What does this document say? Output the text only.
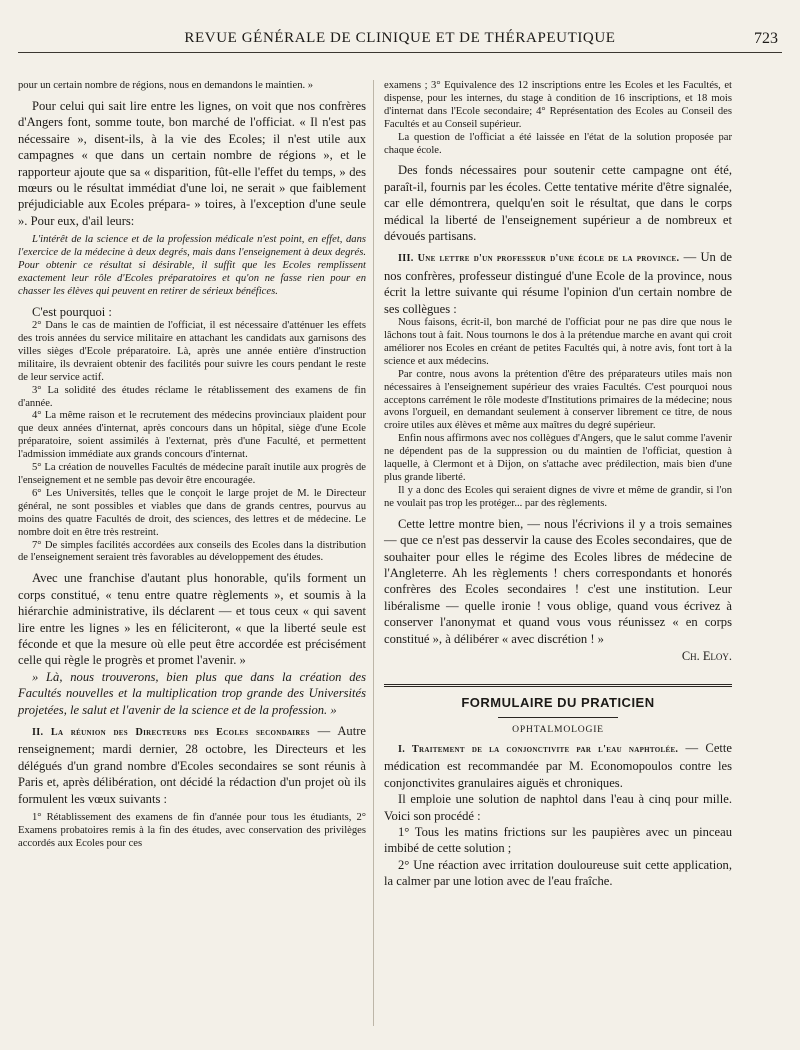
REVUE GÉNÉRALE DE CLINIQUE ET DE THÉRAPEUTIQUE	723

pour un certain nombre de régions, nous en demandons le maintien. »

Pour celui qui sait lire entre les lignes, on voit que nos confrères d'Angers font, somme toute, bon marché de l'officiat. « Il n'est pas nécessaire », disent-ils, à la vie des Ecoles; il n'est utile aux campagnes « que dans un certain nombre de régions », et le rapporteur ajoute que sa « disparition, fût-elle l'effet du temps, » des mœurs ou le résultat immédiat d'une loi, ne serait » que faiblement préjudiciable aux Ecoles prépara- » toires, à l'exception d'une seule ». Pour eux, d'ail leurs:

L'intérêt de la science et de la profession médicale n'est point, en effet, dans l'exercice de la médecine à deux degrés, mais dans l'enseignement à deux degrés. Pour obtenir ce résultat si désirable, il suffit que les Ecoles remplissent exactement leur rôle d'Ecoles préparatoires et qu'on ne fasse rien pour en chasser les élèves qui peuvent en retirer de sérieux bénéfices.

C'est pourquoi :

2° Dans le cas de maintien de l'officiat, il est nécessaire d'atténuer les effets des trois années du service militaire en attachant les candidats aux garnisons des villes sièges d'Ecole préparatoire. Là, après une année entière d'instruction militaire, ils devraient obtenir des facilités pour suivre les cours pendant le reste de leur service actif.

3° La solidité des études réclame le rétablissement des examens de fin d'année.

4° La même raison et le recrutement des médecins provinciaux plaident pour que deux années d'internat, après concours dans un hôpital, siège d'une Ecole préparatoire, soient assimilés à l'externat, près d'une Faculté, et permettent l'admission immédiate aux grands concours d'internat.

5° La création de nouvelles Facultés de médecine paraît inutile aux progrès de l'enseignement et ne semble pas devoir être encouragée.

6° Les Universités, telles que le conçoit le large projet de M. le Directeur général, ne sont possibles et viables que dans de grands centres, pourvus au moins des quatre Facultés de droit, des sciences, des lettres et de médecine. Le nombre doit en être très restreint.

7° De simples facilités accordées aux conseils des Ecoles dans la distribution de l'enseignement seraient très favorables au développement des études.

Avec une franchise d'autant plus honorable, qu'ils forment un corps constitué, « tenu entre quatre règlements », et soumis à la hiérarchie administrative, ils déclarent — et tous ceux « qui savent lire entre les lignes » les en féliciteront, « que la liberté seule est féconde et que la mesure où elle peut être accordée est précisément celle qui règle le progrès et promet l'avenir. »

» Là, nous trouverons, bien plus que dans la création des Facultés nouvelles et la multiplication trop grande des Universités projetées, le salut et l'avenir de la science et de la profession. »

II. La réunion des Directeurs des Ecoles secondaires — Autre renseignement; mardi dernier, 28 octobre, les Directeurs et les délégués d'un grand nombre d'Ecoles secondaires se sont réunis à Paris et, après délibération, ont décidé la rédaction d'un projet où ils formulent les vœux suivants :

1° Rétablissement des examens de fin d'année pour tous les étudiants, 2° Examens probatoires remis à la fin des études, avec conservation des privilèges accordés aux Ecoles pour ces

examens ; 3° Equivalence des 12 inscriptions entre les Ecoles et les Facultés, et dispense, pour les internes, du stage à condition de 16 inscriptions, et 18 mois d'internat dans l'Ecole secondaire; 4° Représentation des Ecoles au Conseil des Facultés et au Conseil supérieur.

La question de l'officiat a été laissée en l'état de la solution proposée par chaque école.

Des fonds nécessaires pour soutenir cette campagne ont été, paraît-il, fournis par les écoles. Cette tentative mérite d'être signalée, car elle démontrera, quelqu'en soit le résultat, que dans le corps médical la liberté de l'enseignement supérieur a de nombreux et dévoués partisans.

III. Une lettre d'un professeur d'une école de la province. — Un de nos confrères, professeur distingué d'une Ecole de la province, nous écrit la lettre suivante qui résume l'opinion d'un certain nombre de ses collègues :

Nous faisons, écrit-il, bon marché de l'officiat pour ne pas dire que nous le lâchons tout à fait. Nous tournons le dos à la prétendue marche en avant qui croit améliorer nos Ecoles en créant de petites Facultés qui, à notre avis, font tort à la science et aux médecins.

Par contre, nous avons la prétention d'être des préparateurs utiles mais non nécessaires à l'enseignement supérieur des vraies Facultés. C'est pourquoi nous acceptons carrément le rôle modeste d'Institutions primaires de la médecine; nous avons l'orgueil, en demandant seulement à conserver librement ce titre, de nous croire utiles aux élèves et même aux maîtres du degré supérieur.

Enfin nous affirmons avec nos collègues d'Angers, que le salut comme l'avenir ne dépendent pas de la suppression ou du maintien de l'officiat, question à laquelle, à Clermont et à Dijon, on s'attache avec prédilection, mais bien d'une plus grande liberté.

Il y a donc des Ecoles qui seraient dignes de vivre et même de grandir, si l'on ne voulait pas trop les protéger... par des règlements.

Cette lettre montre bien, — nous l'écrivions il y a trois semaines — que ce n'est pas desservir la cause des Ecoles secondaires, que de souhaiter pour elles le régime des Ecoles libres de médecine de l'Angleterre. Ah les règlements ! chers correspondants et honorés confrères des Ecoles secondaires ! c'est une institution. Leur libéralisme — quelle ironie ! vous oblige, quand vous écrivez à conserver l'anonymat et quand vous vous réunissez « en corps constitué », à délibérer « avec discrétion ! »

Ch. Eloy.

FORMULAIRE DU PRATICIEN
OPHTALMOLOGIE

I. Traitement de la conjonctivite par l'eau naphtolée. — Cette médication est recommandée par M. Economopoulos contre les conjonctivites granulaires aiguës et chroniques.

Il emploie une solution de naphtol dans l'eau à cinq pour mille. Voici son procédé :

1° Tous les matins frictions sur les paupières avec un pinceau imbibé de cette solution ;

2° Une réaction avec irritation douloureuse suit cette application, la calmer par une lotion avec de l'eau fraîche.
